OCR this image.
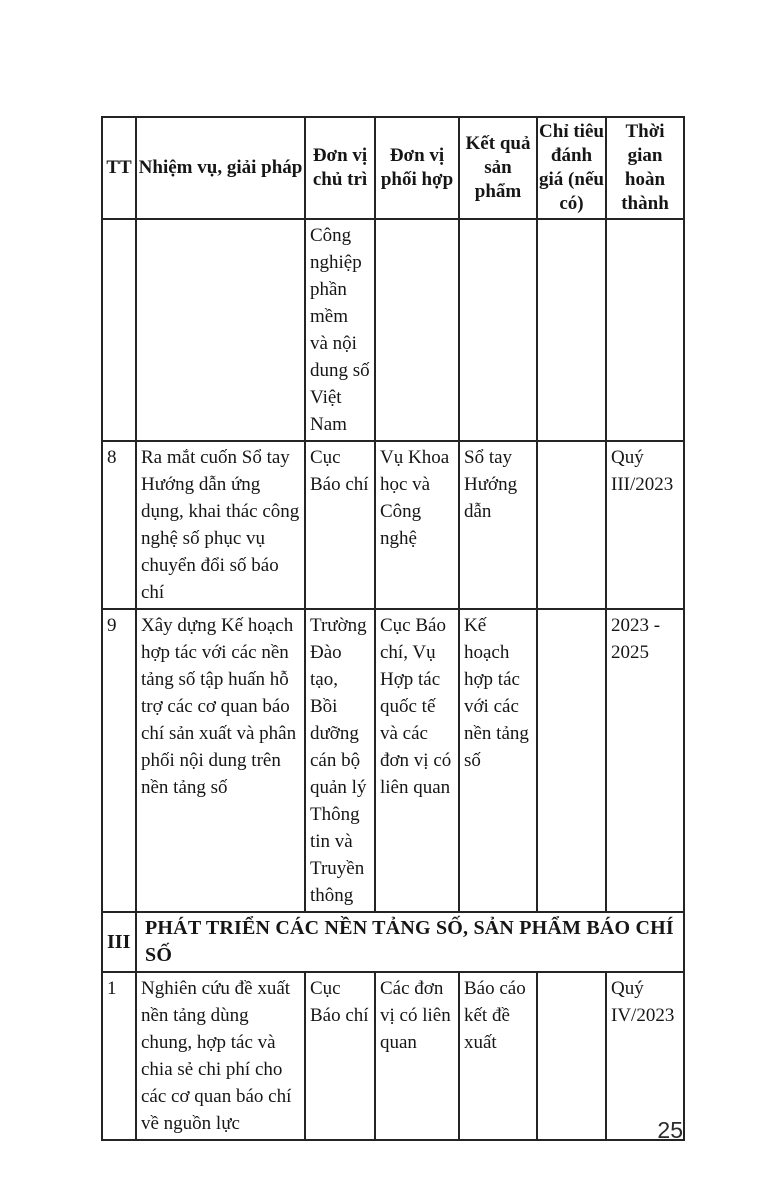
TT	Nhiệm vụ, giải pháp	Đơn vị chủ trì	Đơn vị phối hợp	Kết quả sản phẩm	Chỉ tiêu đánh giá (nếu có)	Thời gian hoàn thành
		Công nghiệp phần mềm và nội dung số Việt Nam				
8	Ra mắt cuốn Sổ tay Hướng dẫn ứng dụng, khai thác công nghệ số phục vụ chuyển đổi số báo chí	Cục Báo chí	Vụ Khoa học và Công nghệ	Sổ tay Hướng dẫn		Quý III/2023
9	Xây dựng Kế hoạch hợp tác với các nền tảng số tập huấn hỗ trợ các cơ quan báo chí sản xuất và phân phối nội dung trên nền tảng số	Trường Đào tạo, Bồi dưỡng cán bộ quản lý Thông tin và Truyền thông	Cục Báo chí, Vụ Hợp tác quốc tế và các đơn vị có liên quan	Kế hoạch hợp tác với các nền tảng số		2023 - 2025
III	PHÁT TRIỂN CÁC NỀN TẢNG SỐ, SẢN PHẨM BÁO CHÍ SỐ					
1	Nghiên cứu đề xuất nền tảng dùng chung, hợp tác và chia sẻ chi phí cho các cơ quan báo chí về nguồn lực	Cục Báo chí	Các đơn vị có liên quan	Báo cáo kết đề xuất		Quý IV/2023
25
